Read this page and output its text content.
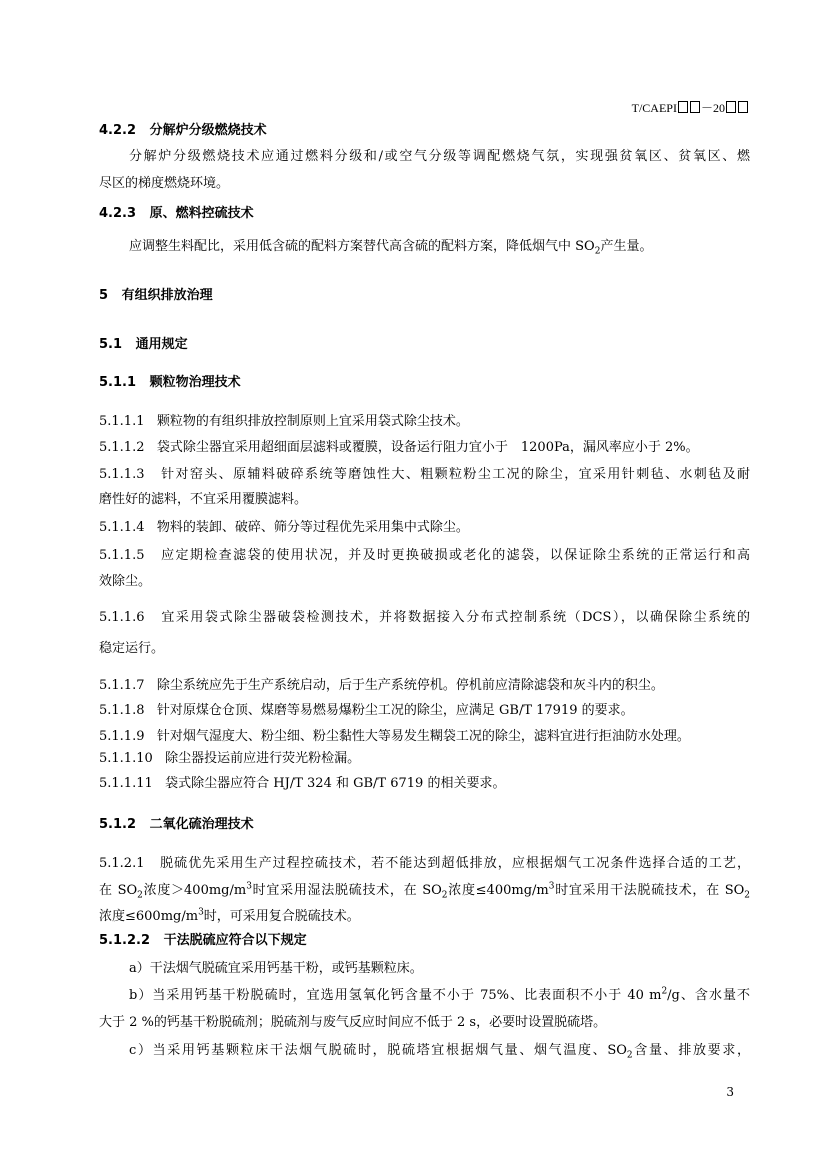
T/CAEPI －20
4.2.2 分解炉分级燃烧技术
分解炉分级燃烧技术应通过燃料分级和/或空气分级等调配燃烧气氛，实现强贫氧区、贫氧区、燃
尽区的梯度燃烧环境。
4.2.3 原、燃料控硫技术
应调整生料配比，采用低含硫的配料方案替代高含硫的配料方案，降低烟气中 $SO_2$产生量。
5 有组织排放治理
5.1 通用规定
5.1.1 颗粒物治理技术
5.1.1.1 颗粒物的有组织排放控制原则上宜采用袋式除尘技术。
5.1.1.2 袋式除尘器宜采用超细面层滤料或覆膜，设备运行阻力宜小于　1200Pa，漏风率应小于 2%。
5.1.1.3 针对窑头、原辅料破碎系统等磨蚀性大、粗颗粒粉尘工况的除尘，宜采用针刺毡、水刺毡及耐
磨性好的滤料，不宜采用覆膜滤料。
5.1.1.4 物料的装卸、破碎、筛分等过程优先采用集中式除尘。
5.1.1.5 应定期检查滤袋的使用状况，并及时更换破损或老化的滤袋，以保证除尘系统的正常运行和高
效除尘。
5.1.1.6 宜采用袋式除尘器破袋检测技术，并将数据接入分布式控制系统（DCS），以确保除尘系统的
稳定运行。
5.1.1.7 除尘系统应先于生产系统启动，后于生产系统停机。停机前应清除滤袋和灰斗内的积尘。
5.1.1.8 针对原煤仓仓顶、煤磨等易燃易爆粉尘工况的除尘，应满足 GB/T 17919 的要求。
5.1.1.9 针对烟气湿度大、粉尘细、粉尘黏性大等易发生糊袋工况的除尘，滤料宜进行拒油防水处理。
5.1.1.10 除尘器投运前应进行荧光粉检漏。
5.1.1.11 袋式除尘器应符合 HJ/T 324 和 GB/T 6719 的相关要求。
5.1.2 二氧化硫治理技术
5.1.2.1 脱硫优先采用生产过程控硫技术，若不能达到超低排放，应根据烟气工况条件选择合适的工艺，
在 $SO_2$浓度$>400mg/m^3$时宜采用湿法脱硫技术，在 $SO_2$浓度$\le 400mg/m^3$时宜采用干法脱硫技术，在 $SO_2$
浓度$\le 600mg/m^3$时，可采用复合脱硫技术。
5.1.2.2 干法脱硫应符合以下规定
a）干法烟气脱硫宜采用钙基干粉，或钙基颗粒床。
b）当采用钙基干粉脱硫时，宜选用氢氧化钙含量不小于 75%、比表面积不小于 40 $m^2/g$、含水量不
大于 2 %的钙基干粉脱硫剂；脱硫剂与废气反应时间应不低于 2 s，必要时设置脱硫塔。
c）当采用钙基颗粒床干法烟气脱硫时，脱硫塔宜根据烟气量、烟气温度、$SO_2$含量、排放要求，
3
